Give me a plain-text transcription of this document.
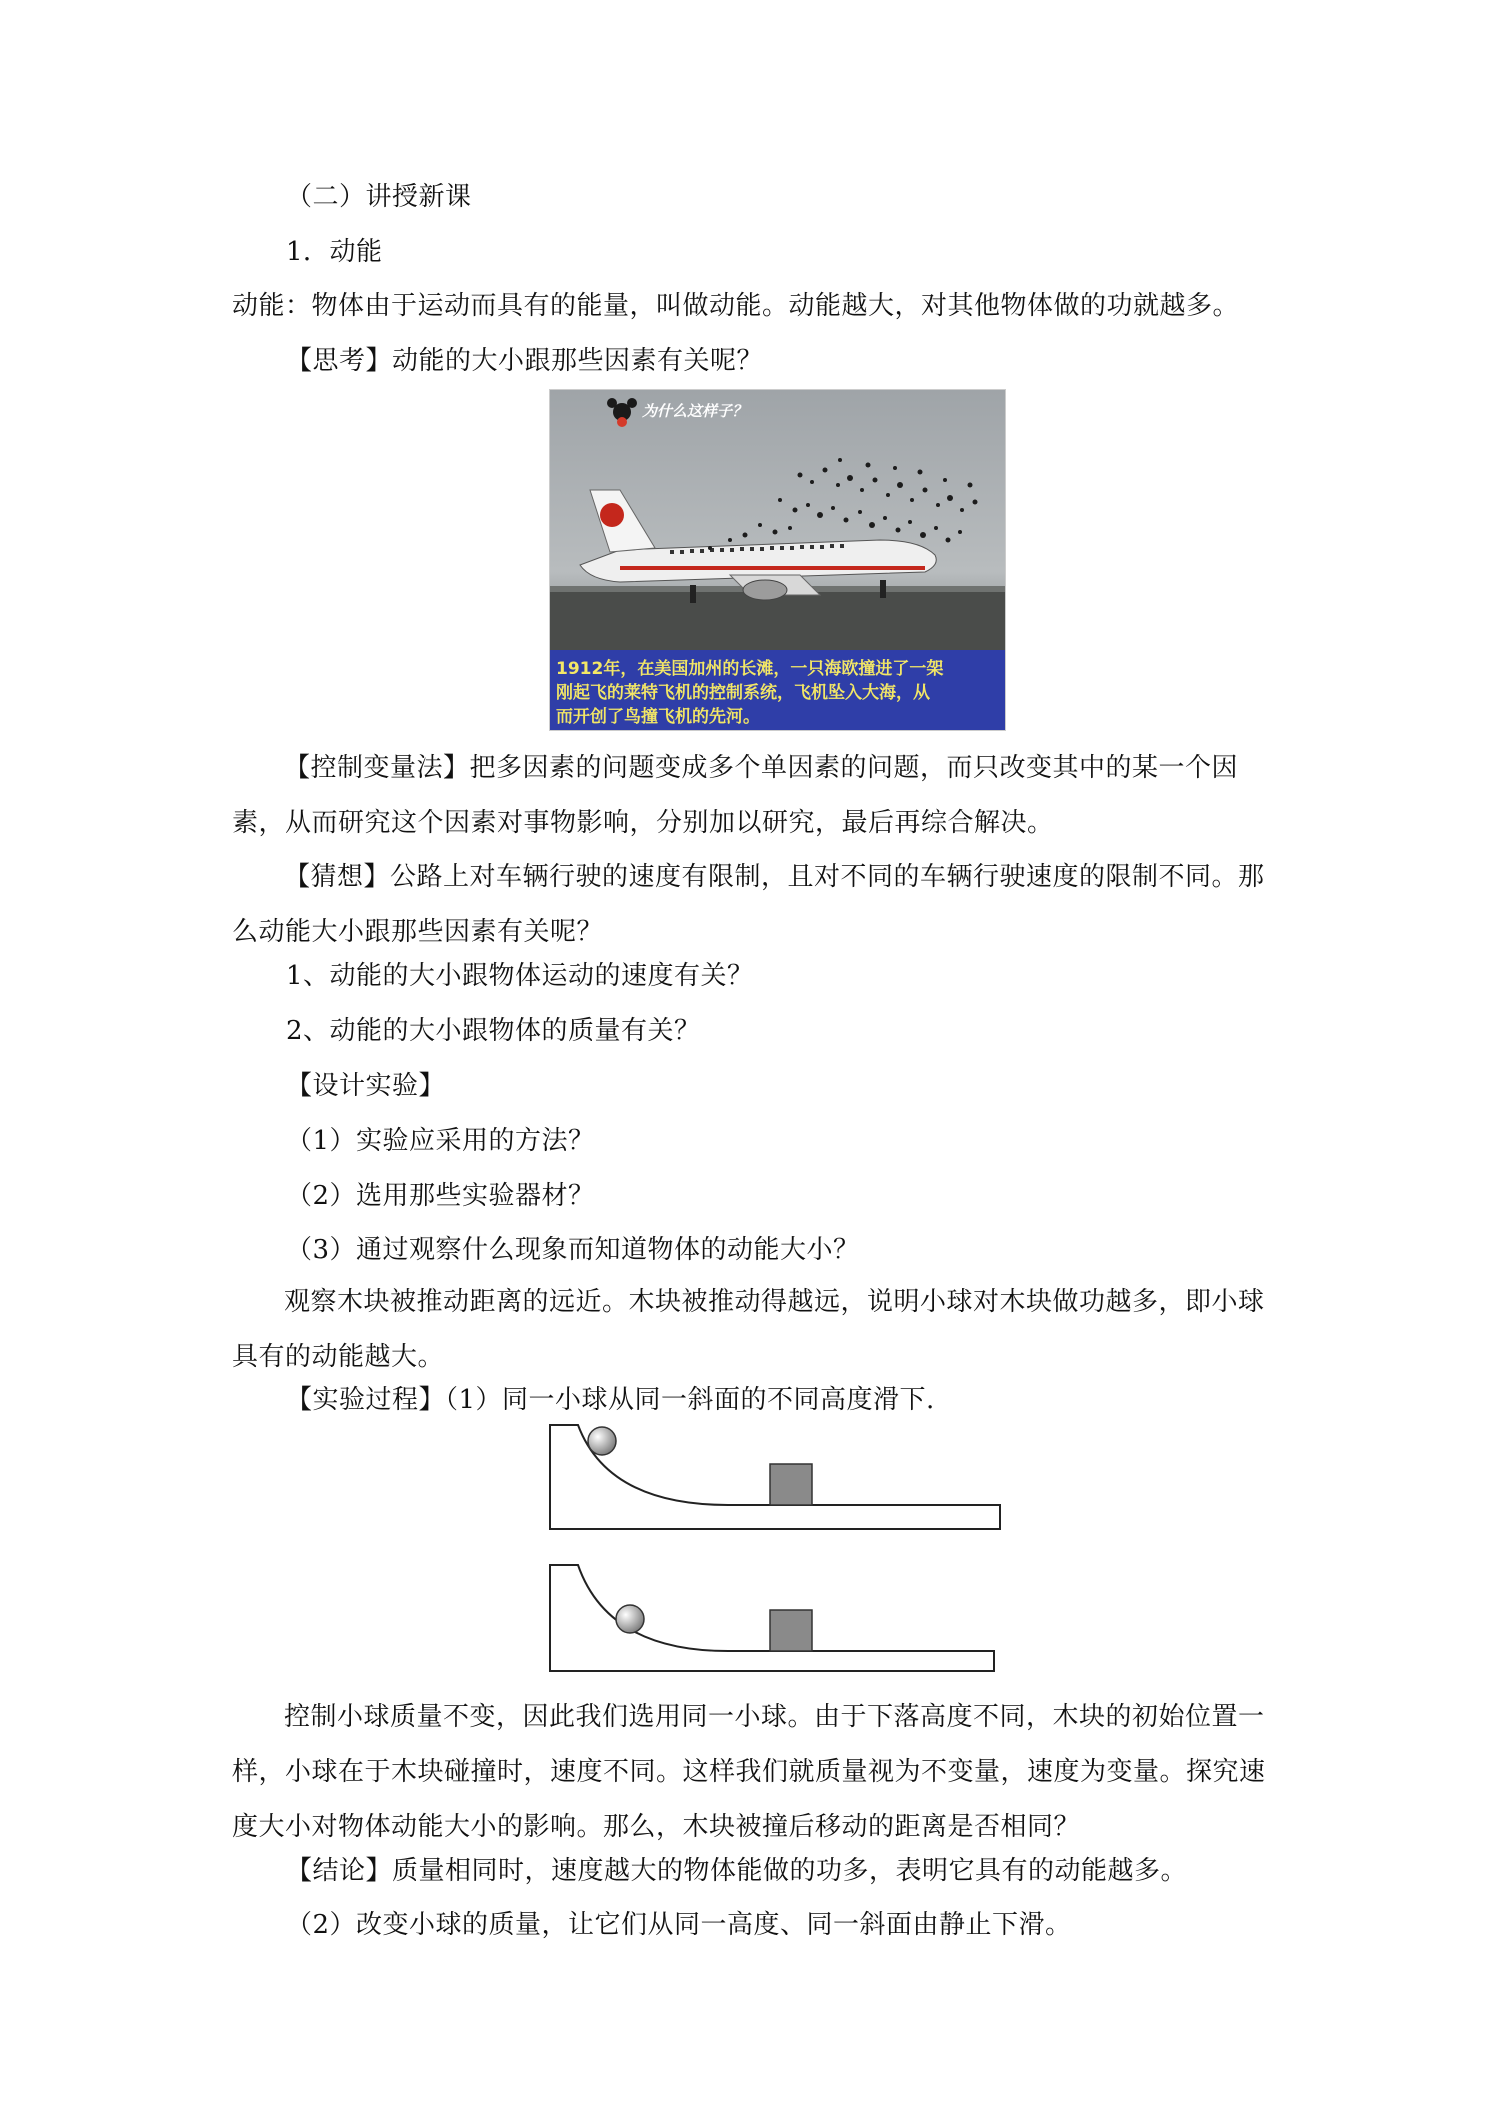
（二）讲授新课
1．动能
动能：物体由于运动而具有的能量，叫做动能。动能越大，对其他物体做的功就越多。
【思考】动能的大小跟那些因素有关呢？
为什么这样子？
1912年，在美国加州的长滩，一只海欧撞进了一架
刚起飞的莱特飞机的控制系统，飞机坠入大海，从
而开创了鸟撞飞机的先河。
【控制变量法】把多因素的问题变成多个单因素的问题，而只改变其中的某一个因素，从而研究这个因素对事物影响，分别加以研究，最后再综合解决。
【猜想】公路上对车辆行驶的速度有限制，且对不同的车辆行驶速度的限制不同。那么动能大小跟那些因素有关呢？
1、动能的大小跟物体运动的速度有关？
2、动能的大小跟物体的质量有关？
【设计实验】
（1）实验应采用的方法？
（2）选用那些实验器材？
（3）通过观察什么现象而知道物体的动能大小？
观察木块被推动距离的远近。木块被推动得越远，说明小球对木块做功越多，即小球具有的动能越大。
【实验过程】（1）同一小球从同一斜面的不同高度滑下.
控制小球质量不变，因此我们选用同一小球。由于下落高度不同，木块的初始位置一样，小球在于木块碰撞时，速度不同。这样我们就质量视为不变量，速度为变量。探究速度大小对物体动能大小的影响。那么，木块被撞后移动的距离是否相同？
【结论】质量相同时，速度越大的物体能做的功多，表明它具有的动能越多。
（2）改变小球的质量，让它们从同一高度、同一斜面由静止下滑。
